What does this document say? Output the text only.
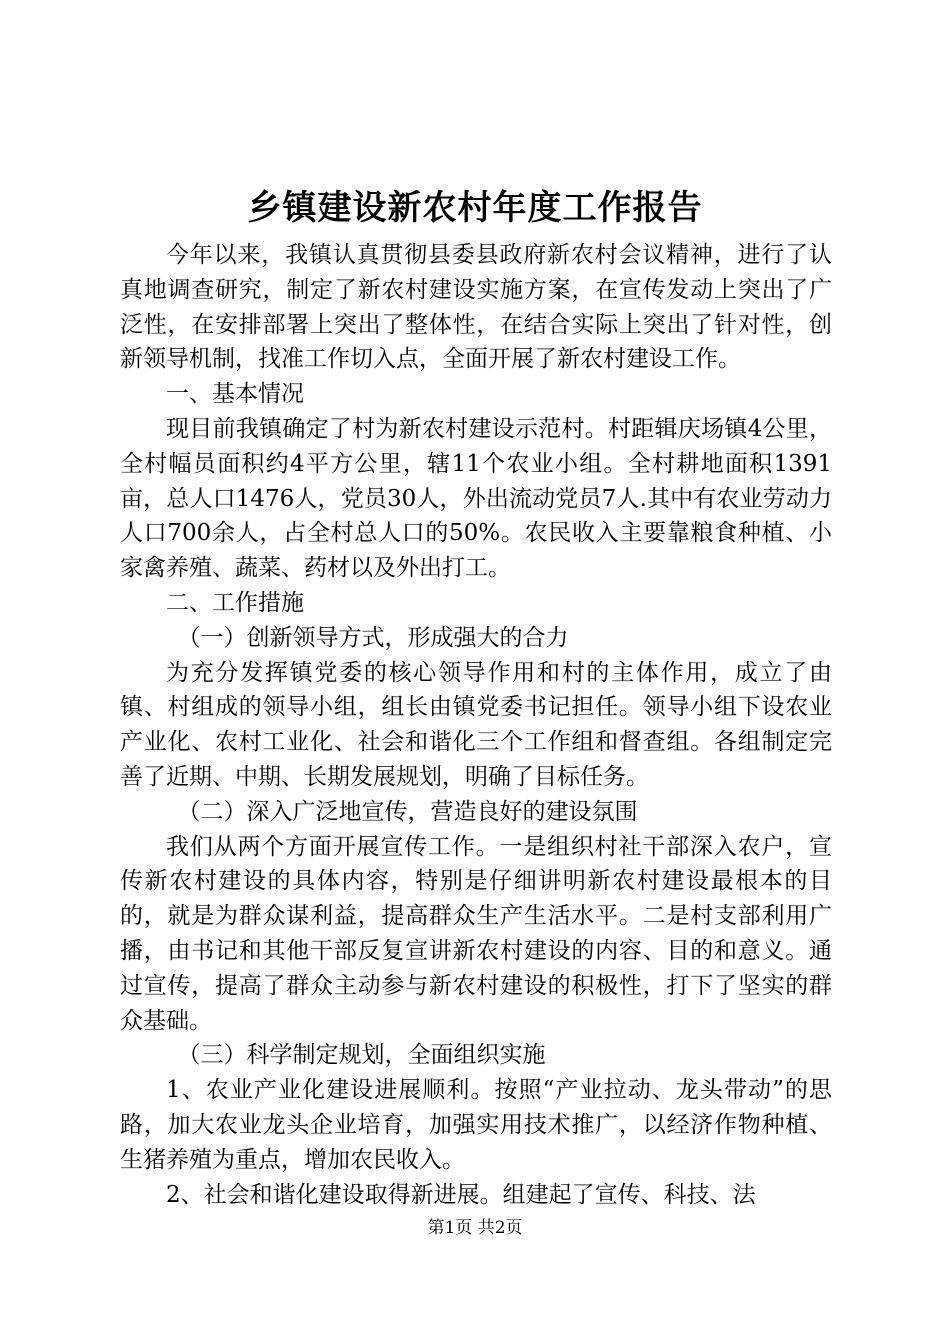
乡镇建设新农村年度工作报告

今年以来，我镇认真贯彻县委县政府新农村会议精神，进行了认真地调查研究，制定了新农村建设实施方案，在宣传发动上突出了广泛性，在安排部署上突出了整体性，在结合实际上突出了针对性，创新领导机制，找准工作切入点，全面开展了新农村建设工作。

一、基本情况

现目前我镇确定了村为新农村建设示范村。村距辑庆场镇4公里，全村幅员面积约4平方公里，辖11个农业小组。全村耕地面积1391亩，总人口1476人，党员30人，外出流动党员7人.其中有农业劳动力人口700余人，占全村总人口的50%。农民收入主要靠粮食种植、小家禽养殖、蔬菜、药材以及外出打工。

二、工作措施

（一）创新领导方式，形成强大的合力

为充分发挥镇党委的核心领导作用和村的主体作用，成立了由镇、村组成的领导小组，组长由镇党委书记担任。领导小组下设农业产业化、农村工业化、社会和谐化三个工作组和督查组。各组制定完善了近期、中期、长期发展规划，明确了目标任务。

（二）深入广泛地宣传，营造良好的建设氛围

我们从两个方面开展宣传工作。一是组织村社干部深入农户，宣传新农村建设的具体内容，特别是仔细讲明新农村建设最根本的目的，就是为群众谋利益，提高群众生产生活水平。二是村支部利用广播，由书记和其他干部反复宣讲新农村建设的内容、目的和意义。通过宣传，提高了群众主动参与新农村建设的积极性，打下了坚实的群众基础。

（三）科学制定规划，全面组织实施

1、农业产业化建设进展顺利。按照“产业拉动、龙头带动”的思路，加大农业龙头企业培育，加强实用技术推广，以经济作物种植、生猪养殖为重点，增加农民收入。

2、社会和谐化建设取得新进展。组建起了宣传、科技、法

第1页 共2页
